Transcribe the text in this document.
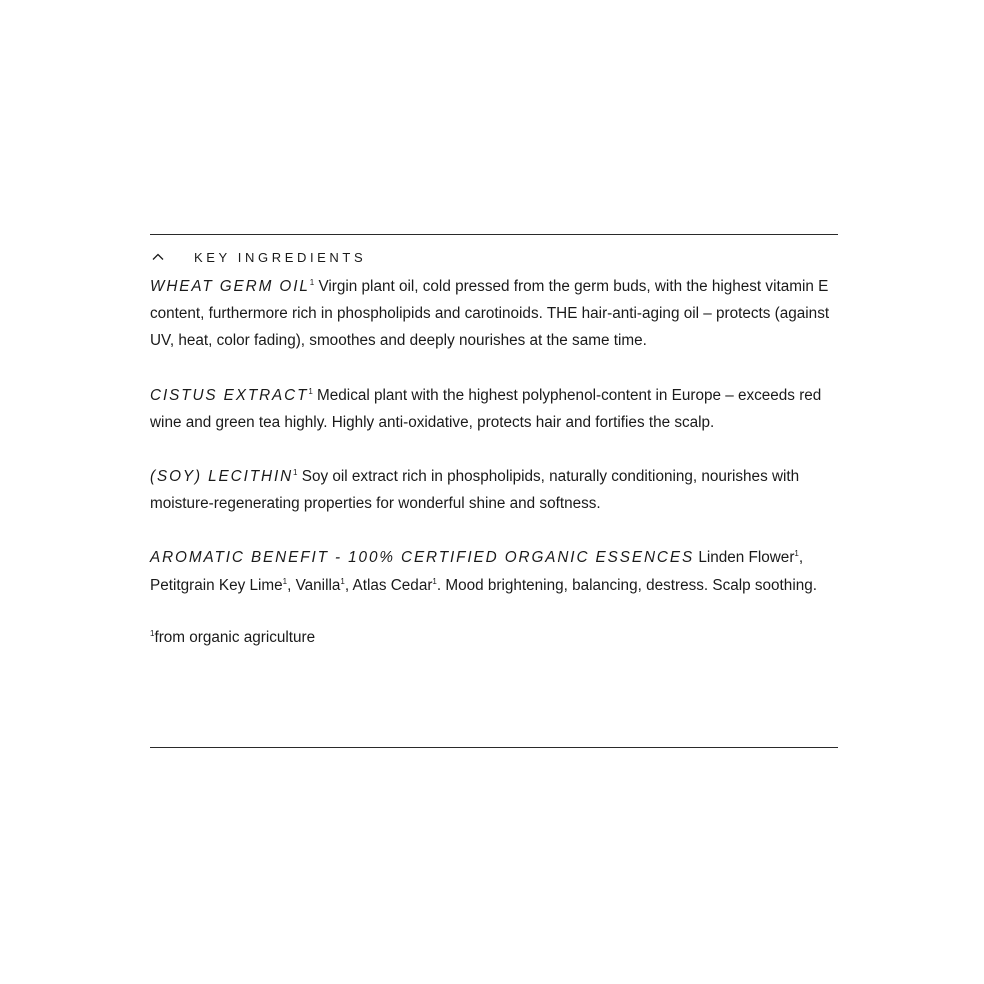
KEY INGREDIENTS

WHEAT GERM OIL$^1$ Virgin plant oil, cold pressed from the germ buds, with the highest vitamin E content, furthermore rich in phospholipids and carotinoids. THE hair-anti-aging oil – protects (against UV, heat, color fading), smoothes and deeply nourishes at the same time.

CISTUS EXTRACT$^1$ Medical plant with the highest polyphenol-content in Europe – exceeds red wine and green tea highly. Highly anti-oxidative, protects hair and fortifies the scalp.

(SOY) LECITHIN$^1$ Soy oil extract rich in phospholipids, naturally conditioning, nourishes with moisture-regenerating properties for wonderful shine and softness.

AROMATIC BENEFIT - 100% CERTIFIED ORGANIC ESSENCES Linden Flower$^1$, Petitgrain Key Lime$^1$, Vanilla$^1$, Atlas Cedar$^1$. Mood brightening, balancing, destress. Scalp soothing.

$^1$from organic agriculture
